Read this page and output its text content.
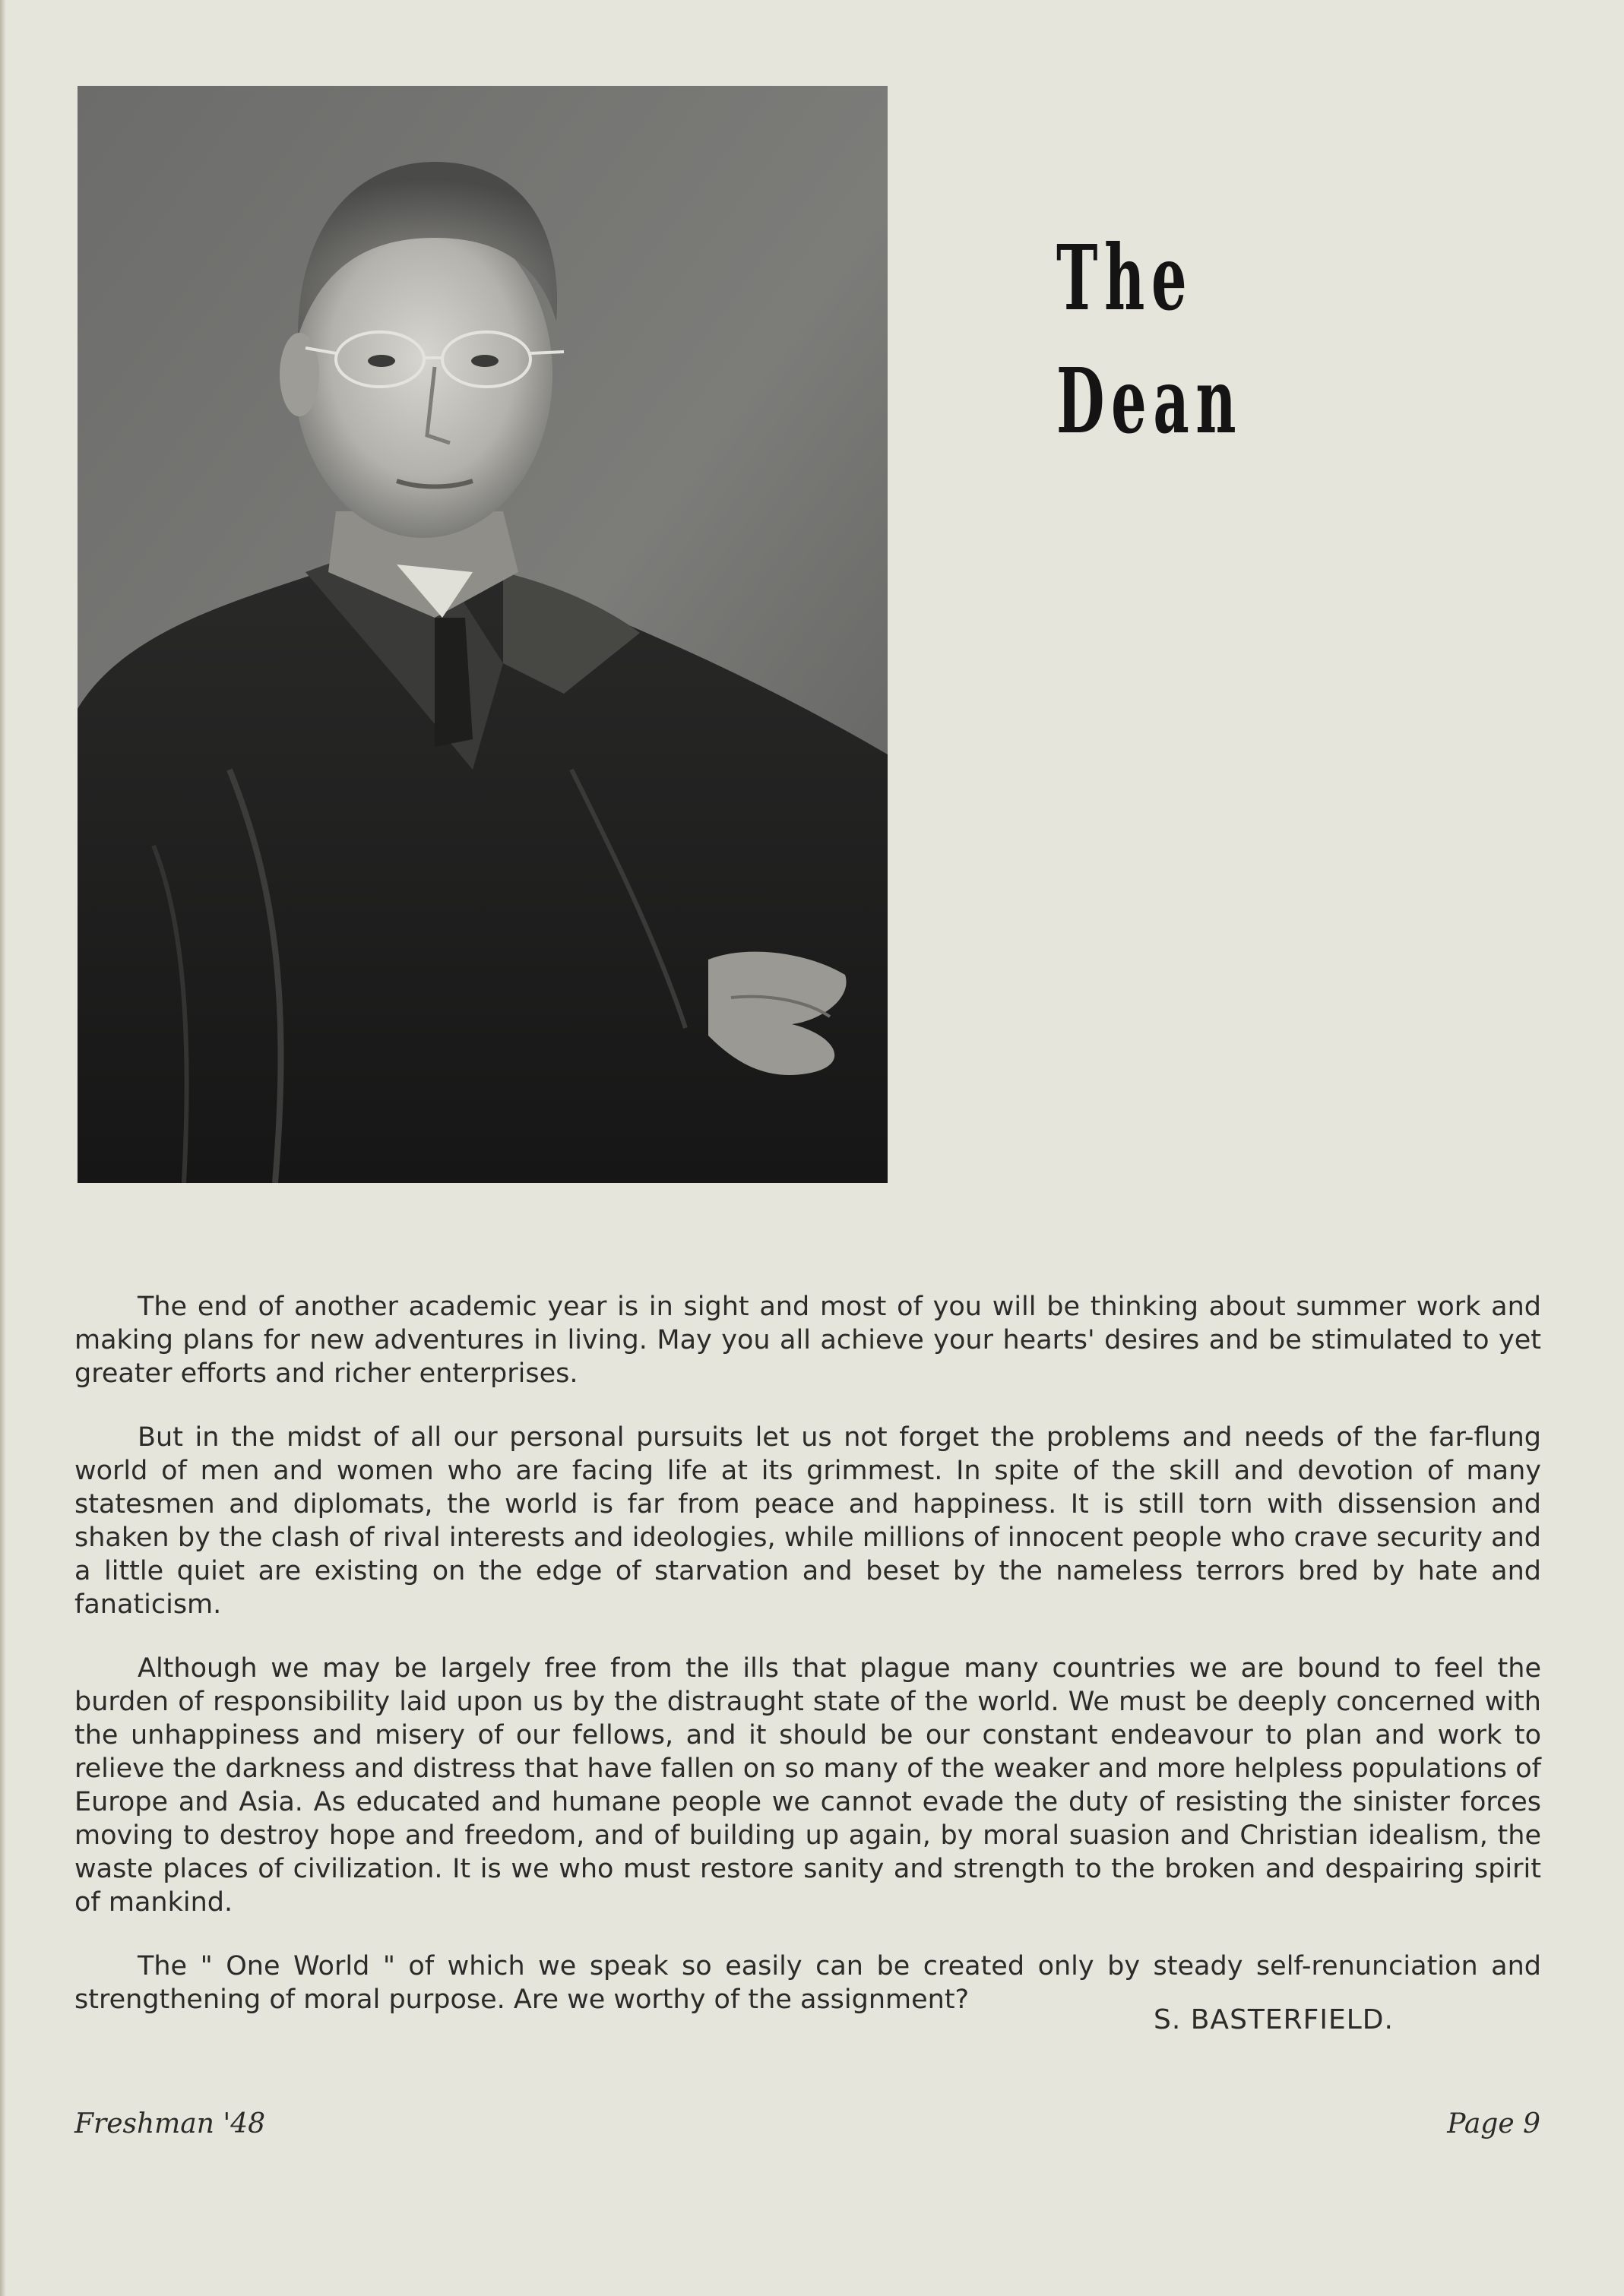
The
Dean

The end of another academic year is in sight and most of you will be thinking about summer work and making plans for new adventures in living. May you all achieve your hearts' desires and be stimulated to yet greater efforts and richer enterprises.

But in the midst of all our personal pursuits let us not forget the problems and needs of the far-flung world of men and women who are facing life at its grimmest. In spite of the skill and devotion of many statesmen and diplomats, the world is far from peace and happiness. It is still torn with dissension and shaken by the clash of rival interests and ideologies, while millions of innocent people who crave security and a little quiet are existing on the edge of starvation and beset by the nameless terrors bred by hate and fanaticism.

Although we may be largely free from the ills that plague many countries we are bound to feel the burden of responsibility laid upon us by the distraught state of the world. We must be deeply concerned with the unhappiness and misery of our fellows, and it should be our constant endeavour to plan and work to relieve the darkness and distress that have fallen on so many of the weaker and more helpless populations of Europe and Asia. As educated and humane people we cannot evade the duty of resisting the sinister forces moving to destroy hope and freedom, and of building up again, by moral suasion and Christian idealism, the waste places of civilization. It is we who must restore sanity and strength to the broken and despairing spirit of mankind.

The " One World " of which we speak so easily can be created only by steady self-renunciation and strengthening of moral purpose. Are we worthy of the assignment?

S. BASTERFIELD.
Freshman '48	Page 9
